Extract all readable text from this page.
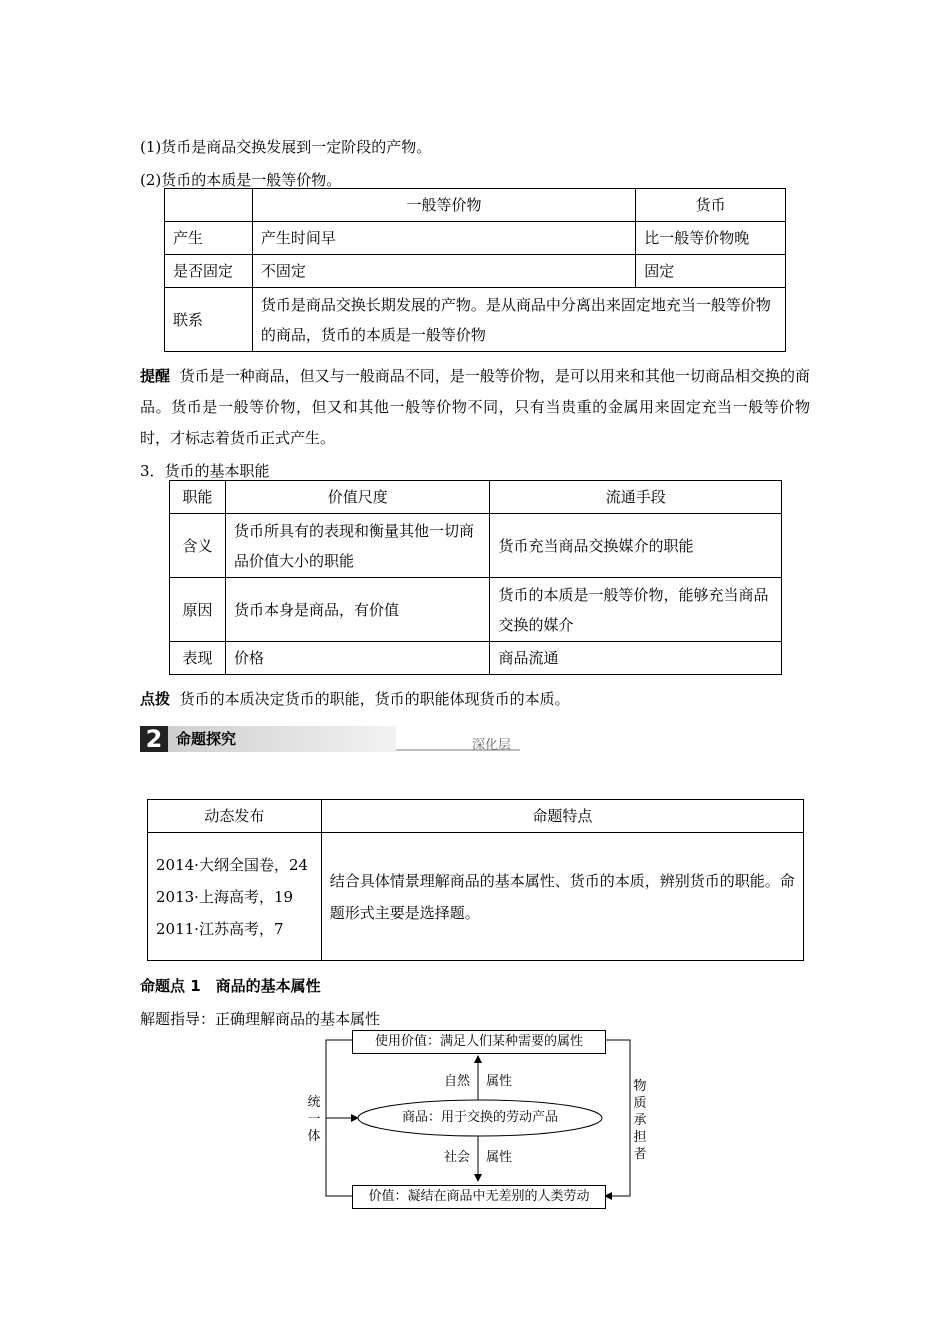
(1)货币是商品交换发展到一定阶段的产物。
(2)货币的本质是一般等价物。
	一般等价物	货币
产生	产生时间早	比一般等价物晚
是否固定	不固定	固定
联系	货币是商品交换长期发展的产物。是从商品中分离出来固定地充当一般等价物的商品，货币的本质是一般等价物	
提醒 货币是一种商品，但又与一般商品不同，是一般等价物，是可以用来和其他一切商品相交换的商品。货币是一般等价物，但又和其他一般等价物不同，只有当贵重的金属用来固定充当一般等价物时，才标志着货币正式产生。
3．货币的基本职能
职能	价值尺度	流通手段
含义	货币所具有的表现和衡量其他一切商品价值大小的职能	货币充当商品交换媒介的职能
原因	货币本身是商品，有价值	货币的本质是一般等价物，能够充当商品交换的媒介
表现	价格	商品流通
点拨 货币的本质决定货币的职能，货币的职能体现货币的本质。
2 命题探究	深化层
动态发布	命题特点

2014·大纲全国卷，24
2013·上海高考，19
2011·江苏高考，7	结合具体情景理解商品的基本属性、货币的本质，辨别货币的职能。命题形式主要是选择题。
命题点 1　商品的基本属性
解题指导：正确理解商品的基本属性
使用价值：满足人们某种需要的属性
商品：用于交换的劳动产品
价值：凝结在商品中无差别的人类劳动
自然 属性
社会 属性
统
一
体
物
质
承
担
者
